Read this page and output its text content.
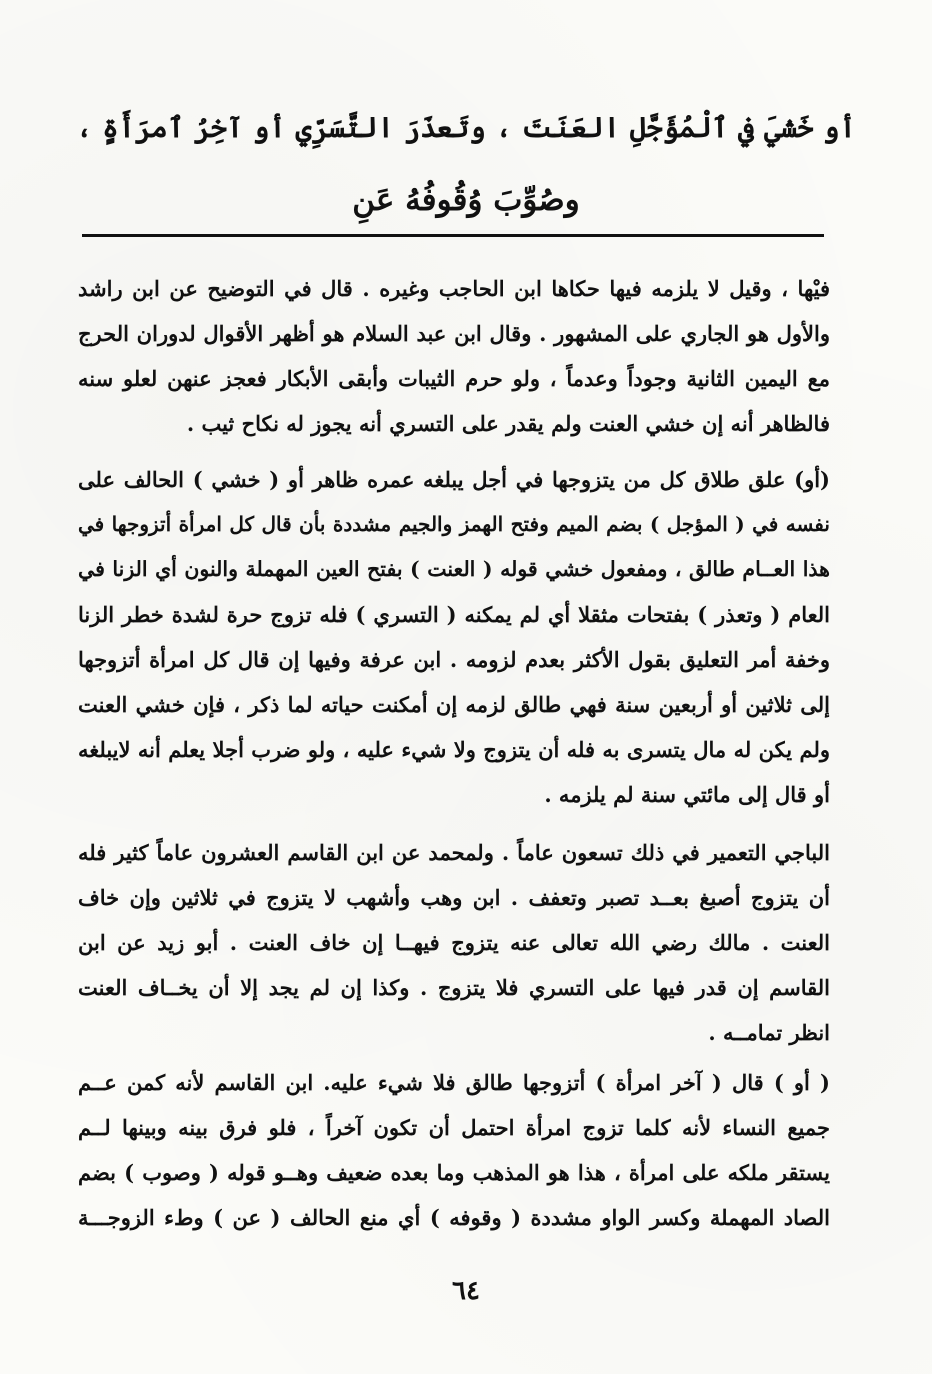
أو خَشيَ في ٱلْمُؤَجَّلِ العَنَتَ ، وتَعذَرَ التَّسَرِّي أو آخِرُ ٱمرَأَةٍ ،
وصُوِّبَ وُقُوفُهُ عَنِ
فيْها ، وقيل لا يلزمه فيها حكاها ابن الحاجب وغيره . قال في التوضيح عن ابن راشد
والأول هو الجاري على المشهور . وقال ابن عبد السلام هو أظهر الأقوال لدوران الحرج
مع اليمين الثانية وجوداً وعدماً ، ولو حرم الثيبات وأبقى الأبكار فعجز عنهن لعلو سنه
فالظاهر أنه إن خشي العنت ولم يقدر على التسري أنه يجوز له نكاح ثيب .
(أو) علق طلاق كل من يتزوجها في أجل يبلغه عمره ظاهر أو ( خشي ) الحالف على
نفسه في ( المؤجل ) بضم الميم وفتح الهمز والجيم مشددة بأن قال كل امرأة أتزوجها في
هذا العــام طالق ، ومفعول خشي قوله ( العنت ) بفتح العين المهملة والنون أي الزنا في
العام ( وتعذر ) بفتحات مثقلا أي لم يمكنه ( التسري ) فله تزوج حرة لشدة خطر الزنا
وخفة أمر التعليق بقول الأكثر بعدم لزومه . ابن عرفة وفيها إن قال كل امرأة أتزوجها
إلى ثلاثين أو أربعين سنة فهي طالق لزمه إن أمكنت حياته لما ذكر ، فإن خشي العنت
ولم يكن له مال يتسرى به فله أن يتزوج ولا شيء عليه ، ولو ضرب أجلا يعلم أنه لايبلغه
أو قال إلى مائتي سنة لم يلزمه .
الباجي التعمير في ذلك تسعون عاماً . ولمحمد عن ابن القاسم العشرون عاماً كثير فله
أن يتزوج أصبغ بعــد تصبر وتعفف . ابن وهب وأشهب لا يتزوج في ثلاثين وإن خاف
العنت . مالك رضي الله تعالى عنه يتزوج فيهــا إن خاف العنت . أبو زيد عن ابن
القاسم إن قدر فيها على التسري فلا يتزوج . وكذا إن لم يجد إلا أن يخــاف العنت
انظر تمامــه .
( أو ) قال ( آخر امرأة ) أتزوجها طالق فلا شيء عليه. ابن القاسم لأنه كمن عــم
جميع النساء لأنه كلما تزوج امرأة احتمل أن تكون آخراً ، فلو فرق بينه وبينها لــم
يستقر ملكه على امرأة ، هذا هو المذهب وما بعده ضعيف وهــو قوله ( وصوب ) بضم
الصاد المهملة وكسر الواو مشددة ( وقوفه ) أي منع الحالف ( عن ) وطء الزوجـــة
٦٤
